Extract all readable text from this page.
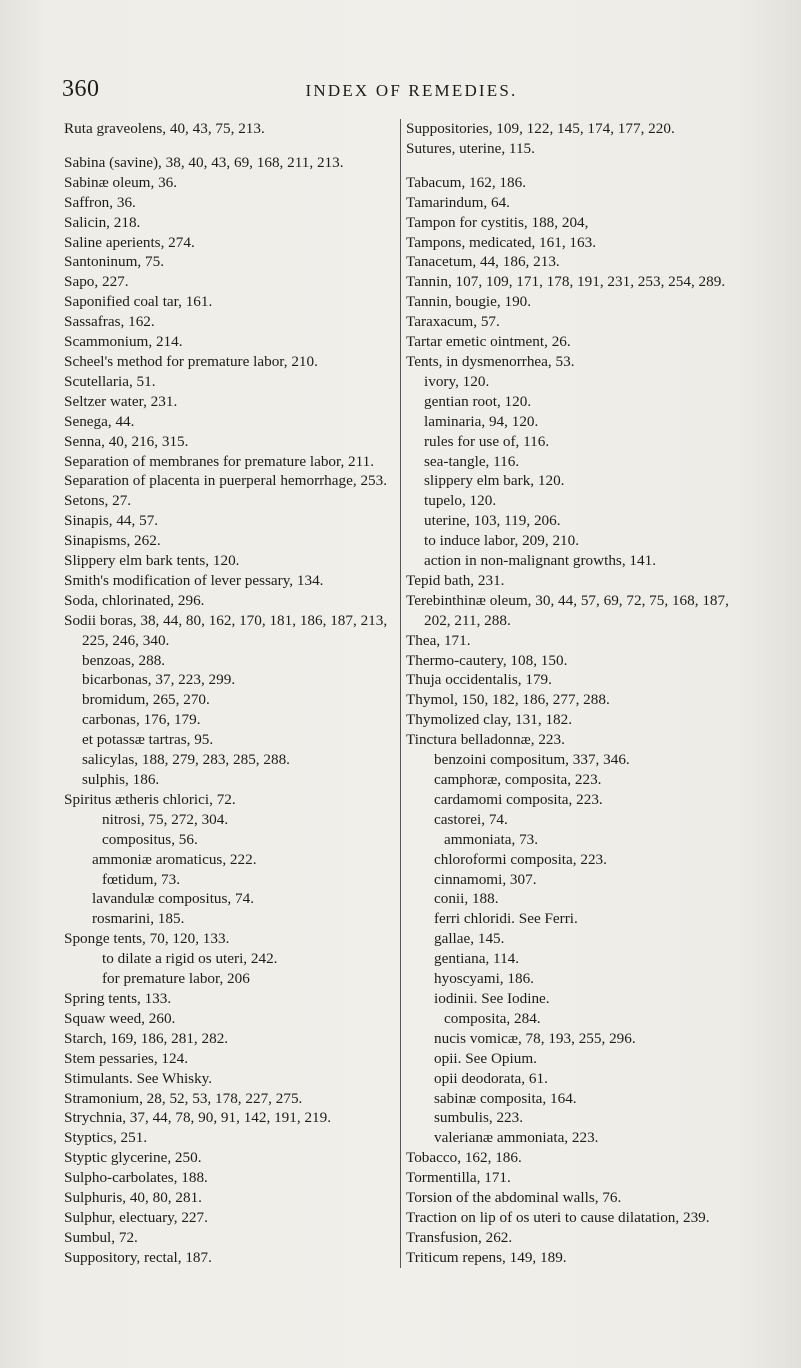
360	INDEX OF REMEDIES.
Ruta graveolens, 40, 43, 75, 213.
Sabina (savine), 38, 40, 43, 69, 168, 211, 213.
Sabinæ oleum, 36.
Saffron, 36.
Salicin, 218.
Saline aperients, 274.
Santoninum, 75.
Sapo, 227.
Saponified coal tar, 161.
Sassafras, 162.
Scammonium, 214.
Scheel's method for premature labor, 210.
Scutellaria, 51.
Seltzer water, 231.
Senega, 44.
Senna, 40, 216, 315.
Separation of membranes for premature labor, 211.
Separation of placenta in puerperal hemorrhage, 253.
Setons, 27.
Sinapis, 44, 57.
Sinapisms, 262.
Slippery elm bark tents, 120.
Smith's modification of lever pessary, 134.
Soda, chlorinated, 296.
Sodii boras, 38, 44, 80, 162, 170, 181, 186, 187, 213, 225, 246, 340.
benzoas, 288.
bicarbonas, 37, 223, 299.
bromidum, 265, 270.
carbonas, 176, 179.
et potassæ tartras, 95.
salicylas, 188, 279, 283, 285, 288.
sulphis, 186.
Spiritus ætheris chlorici, 72.
nitrosi, 75, 272, 304.
compositus, 56.
ammoniæ aromaticus, 222.
fœtidum, 73.
lavandulæ compositus, 74.
rosmarini, 185.
Sponge tents, 70, 120, 133.
to dilate a rigid os uteri, 242.
for premature labor, 206
Spring tents, 133.
Squaw weed, 260.
Starch, 169, 186, 281, 282.
Stem pessaries, 124.
Stimulants. See Whisky.
Stramonium, 28, 52, 53, 178, 227, 275.
Strychnia, 37, 44, 78, 90, 91, 142, 191, 219.
Styptics, 251.
Styptic glycerine, 250.
Sulpho-carbolates, 188.
Sulphuris, 40, 80, 281.
Sulphur, electuary, 227.
Sumbul, 72.
Suppository, rectal, 187.
Suppositories, 109, 122, 145, 174, 177, 220.
Sutures, uterine, 115.
Tabacum, 162, 186.
Tamarindum, 64.
Tampon for cystitis, 188, 204,
Tampons, medicated, 161, 163.
Tanacetum, 44, 186, 213.
Tannin, 107, 109, 171, 178, 191, 231, 253, 254, 289.
Tannin, bougie, 190.
Taraxacum, 57.
Tartar emetic ointment, 26.
Tents, in dysmenorrhea, 53.
ivory, 120.
gentian root, 120.
laminaria, 94, 120.
rules for use of, 116.
sea-tangle, 116.
slippery elm bark, 120.
tupelo, 120.
uterine, 103, 119, 206.
to induce labor, 209, 210.
action in non-malignant growths, 141.
Tepid bath, 231.
Terebinthinæ oleum, 30, 44, 57, 69, 72, 75, 168, 187, 202, 211, 288.
Thea, 171.
Thermo-cautery, 108, 150.
Thuja occidentalis, 179.
Thymol, 150, 182, 186, 277, 288.
Thymolized clay, 131, 182.
Tinctura belladonnæ, 223.
benzoini compositum, 337, 346.
camphoræ, composita, 223.
cardamomi composita, 223.
castorei, 74.
ammoniata, 73.
chloroformi composita, 223.
cinnamomi, 307.
conii, 188.
ferri chloridi. See Ferri.
gallae, 145.
gentiana, 114.
hyoscyami, 186.
iodinii. See Iodine.
composita, 284.
nucis vomicæ, 78, 193, 255, 296.
opii. See Opium.
opii deodorata, 61.
sabinæ composita, 164.
sumbulis, 223.
valerianæ ammoniata, 223.
Tobacco, 162, 186.
Tormentilla, 171.
Torsion of the abdominal walls, 76.
Traction on lip of os uteri to cause dilatation, 239.
Transfusion, 262.
Triticum repens, 149, 189.
